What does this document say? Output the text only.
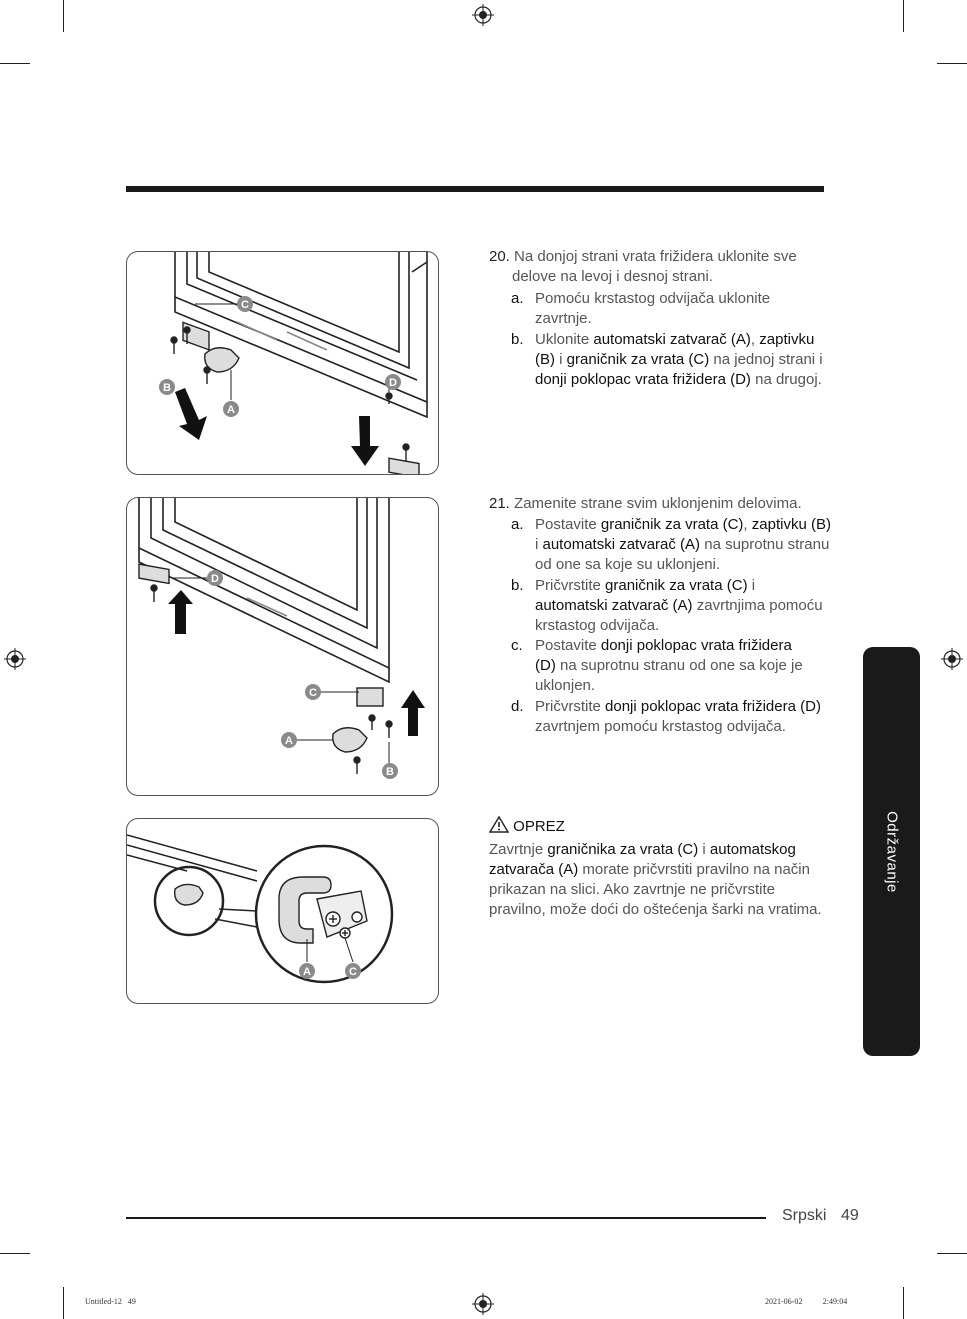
C
B
A
D
D
C
A
B
A	C
20. Na donjoj strani vrata frižidera uklonite sve
delove na levoj i desnoj strani.
a. Pomoću krstastog odvijača uklonite
zavrtnje.
b. Uklonite automatski zatvarač (A), zaptivku
(B) i graničnik za vrata (C) na jednoj strani i
donji poklopac vrata frižidera (D) na drugoj.
21. Zamenite strane svim uklonjenim delovima.
a. Postavite graničnik za vrata (C), zaptivku (B)
i automatski zatvarač (A) na suprotnu stranu
od one sa koje su uklonjeni.
b. Pričvrstite graničnik za vrata (C) i
automatski zatvarač (A) zavrtnjima pomoću
krstastog odvijača.
c. Postavite donji poklopac vrata frižidera
(D) na suprotnu stranu od one sa koje je
uklonjen.
d. Pričvrstite donji poklopac vrata frižidera (D)
zavrtnjem pomoću krstastog odvijača.
OPREZ
Zavrtnje graničnika za vrata (C) i automatskog
zatvarača (A) morate pričvrstiti pravilno na način
prikazan na slici. Ako zavrtnje ne pričvrstite
pravilno, može doći do oštećenja šarki na vratima.
Održavanje
Srpski 49
Untitled-12   49	2021-06-02   ￿￿ 2:49:04
